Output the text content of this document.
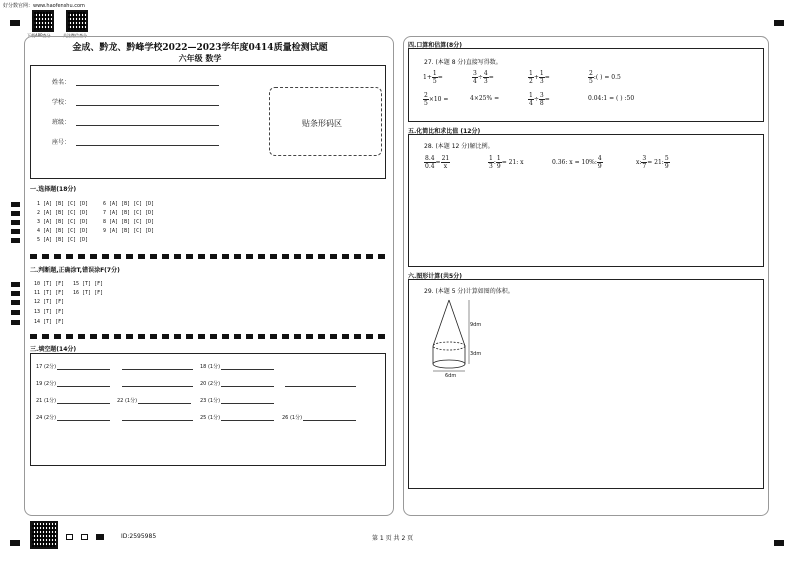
好分数官网：www.haofenshu.com
下载APP查分	关注微信查分
金成、黔龙、黔峰学校2022—2023学年度0414质量检测试题
六年级 数学
姓名：
学校：
班级：
座号：
贴条形码区
一.选择题(18分)
1 [A] [B] [C] [D]
2 [A] [B] [C] [D]
3 [A] [B] [C] [D]
4 [A] [B] [C] [D]
5 [A] [B] [C] [D]
6 [A] [B] [C] [D]
7 [A] [B] [C] [D]
8 [A] [B] [C] [D]
9 [A] [B] [C] [D]
二.判断题,正确涂T,错误涂F(7分)
10 [T] [F]
11 [T] [F]
12 [T] [F]
13 [T] [F]
14 [T] [F]
15 [T] [F]
16 [T] [F]
三.填空题(14分)
17 (2分)	18 (1分)
19 (2分)	20 (2分)
21 (1分)	22 (1分)	23 (1分)
24 (2分)	25 (1分)	26 (1分)
四.口算和估算(8分)
27. (本题 8 分)直接写得数。
$1+ \frac{1}{5}$ =	$\frac{3}{4} \div \frac{4}{3}$ =	$\frac{1}{2} + \frac{1}{3}$ =	$\frac{2}{5}$ :( ) = 0.5
$\frac{2}{5} \times 10$ =	4×25% =	$\frac{1}{4} \div \frac{3}{8}$ =	0.04:1 = ( ) :50
五.化简比和求比值 (12分)
28. (本题 12 分)解比例。
$\frac{8.4}{0.4} = \frac{21}{x}$	$\frac{1}{3}$ : $\frac{1}{9} = 21$: x	0.36: x = 10%: $\frac{4}{9}$	x: $\frac{3}{7} = 21$: $\frac{5}{9}$
六.图形计算(共5分)
29. (本题 5 分)计算如图的体积。
9dm
3dm
6dm
ID:2595985	第 1 页 共 2 页
